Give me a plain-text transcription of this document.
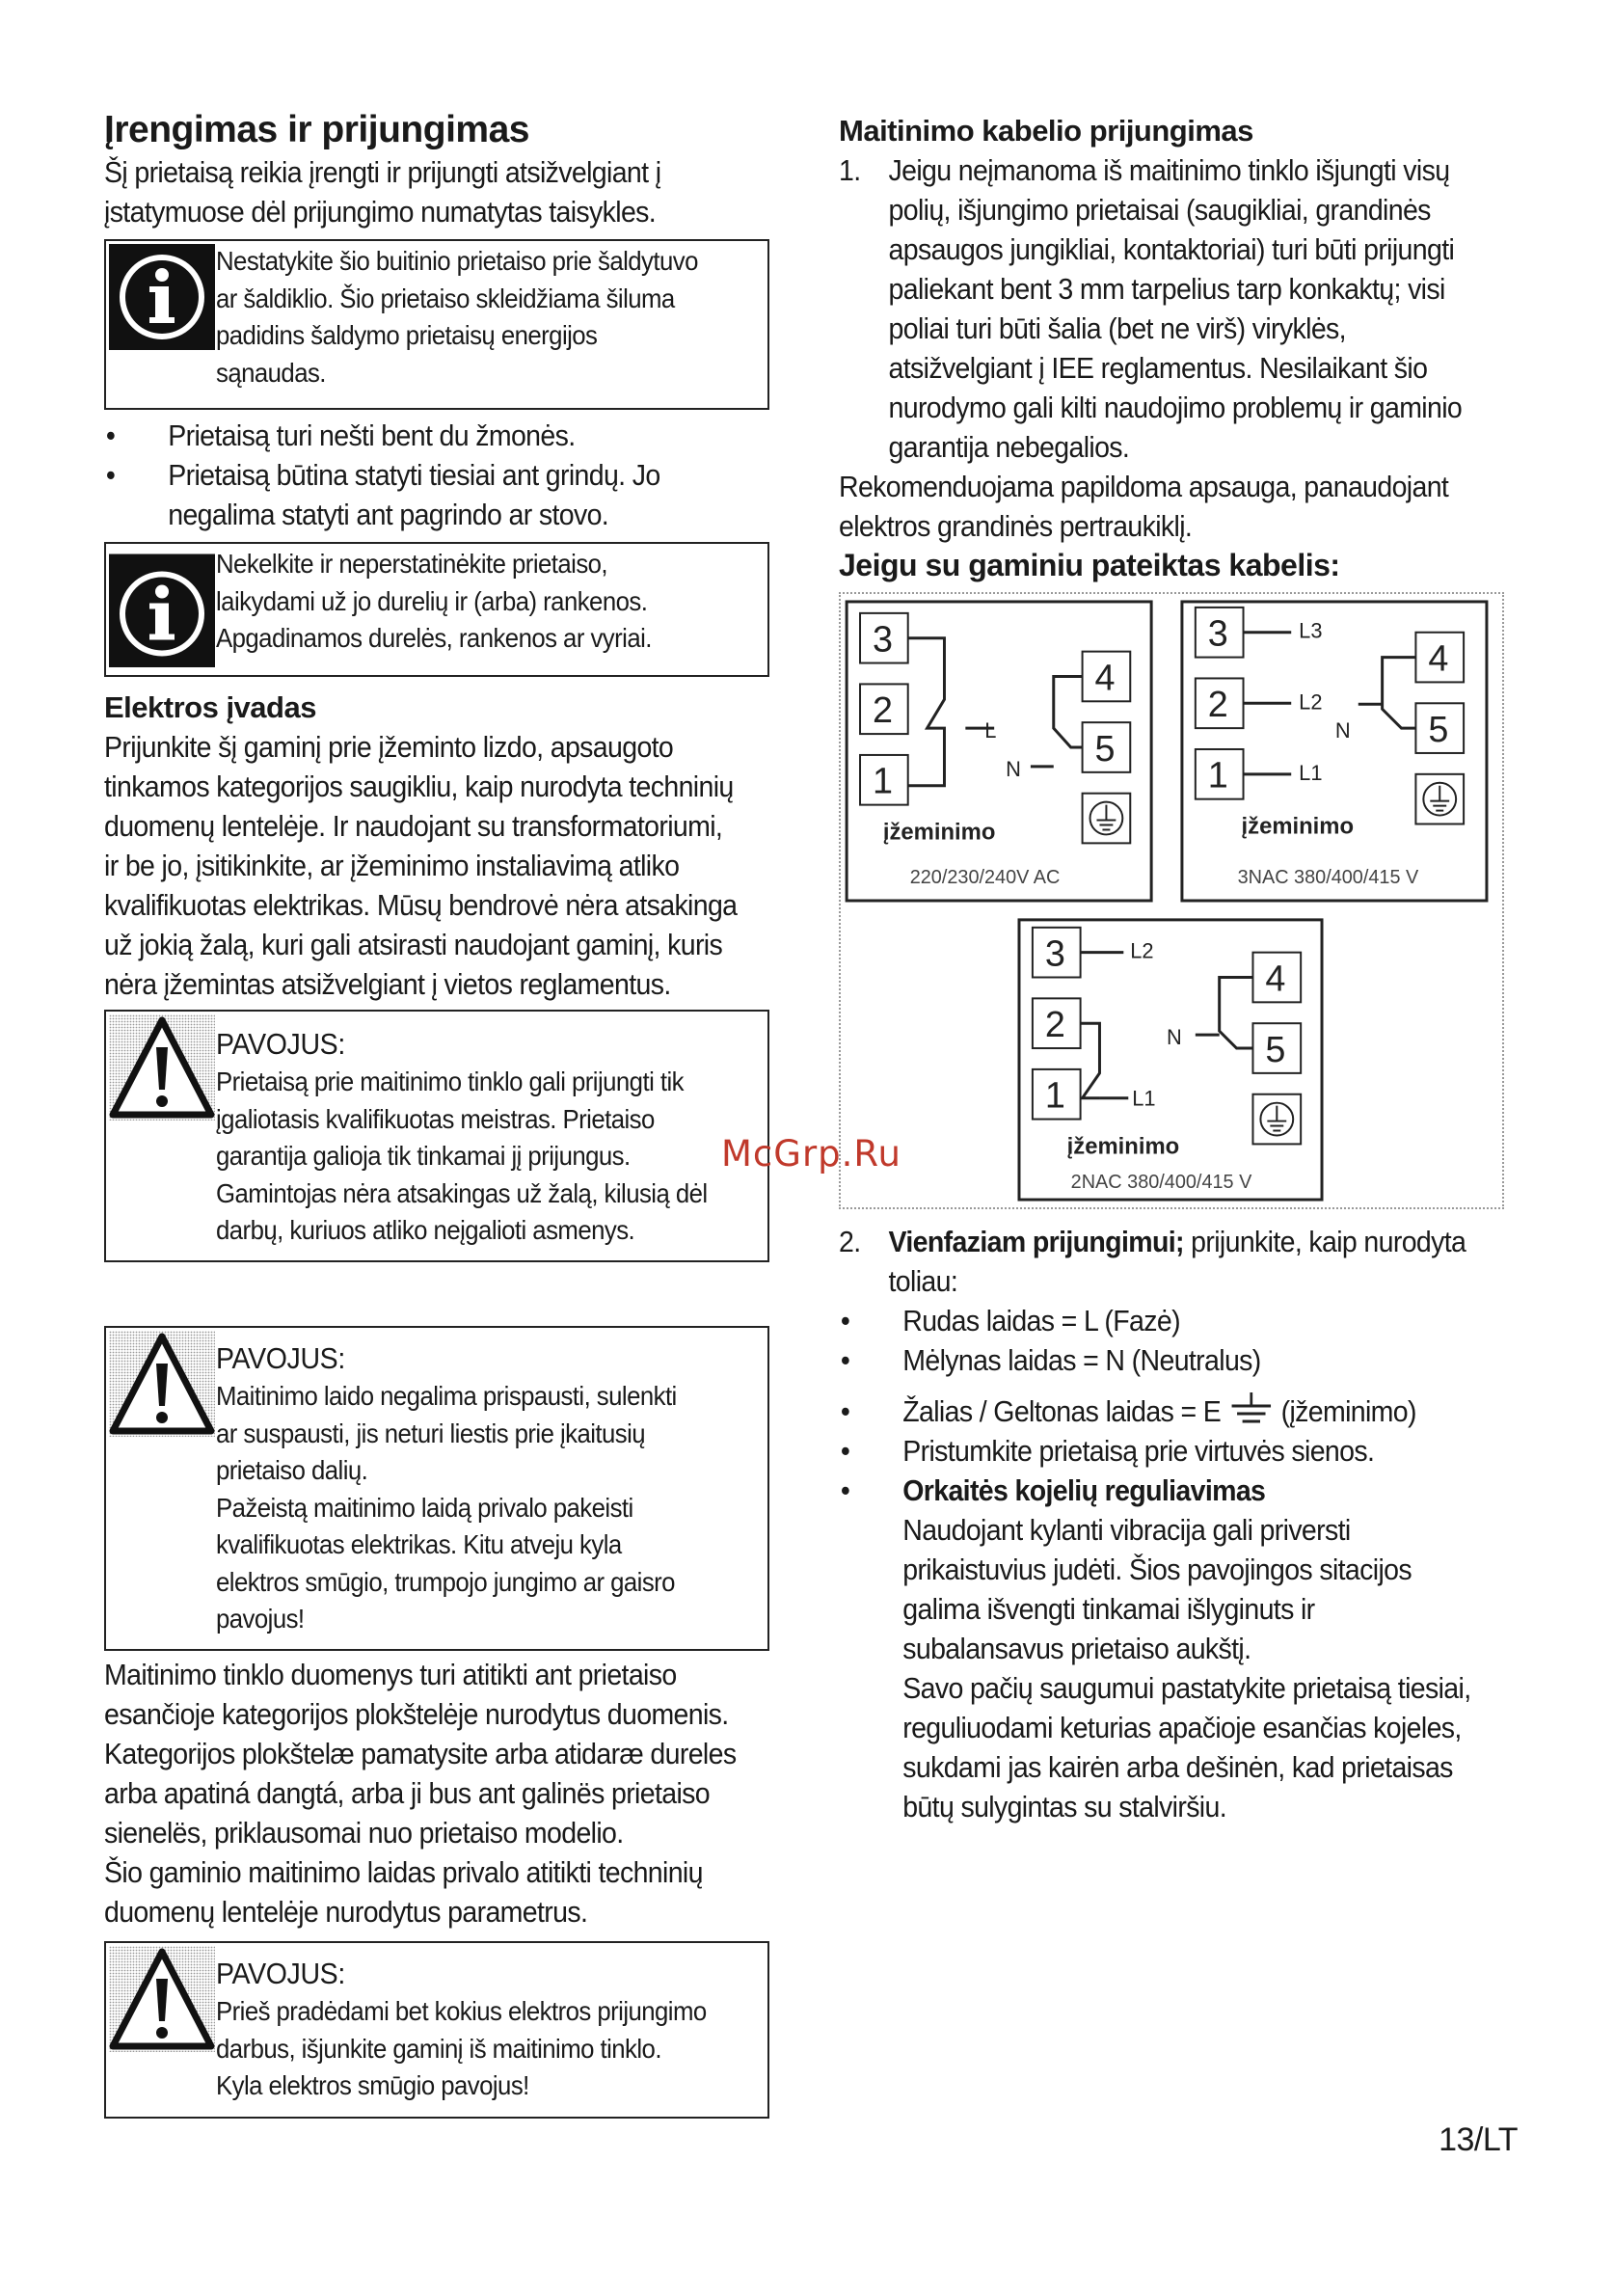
Įrengimas ir prijungimas

Šį prietaisą reikia įrengti ir prijungti atsižvelgiant į

įstatymuose dėl prijungimo numatytas taisykles.

Nestatykite šio buitinio prietaiso prie šaldytuvo

ar šaldiklio. Šio prietaiso skleidžiama šiluma

padidins šaldymo prietaisų energijos

sąnaudas.

• Prietaisą turi nešti bent du žmonės.

• Prietaisą būtina statyti tiesiai ant grindų. Jo

negalima statyti ant pagrindo ar stovo.

Nekelkite ir neperstatinėkite prietaiso,

laikydami už jo durelių ir (arba) rankenos.

Apgadinamos durelės, rankenos ar vyriai.

Elektros įvadas

Prijunkite šį gaminį prie įžeminto lizdo, apsaugoto

tinkamos kategorijos saugikliu, kaip nurodyta techninių

duomenų lentelėje. Ir naudojant su transformatoriumi,

ir be jo, įsitikinkite, ar įžeminimo instaliavimą atliko

kvalifikuotas elektrikas. Mūsų bendrovė nėra atsakinga

už jokią žalą, kuri gali atsirasti naudojant gaminį, kuris

nėra įžemintas atsižvelgiant į vietos reglamentus.

PAVOJUS:

Prietaisą prie maitinimo tinklo gali prijungti tik

įgaliotasis kvalifikuotas meistras. Prietaiso

garantija galioja tik tinkamai jį prijungus.

Gamintojas nėra atsakingas už žalą, kilusią dėl

darbų, kuriuos atliko neįgalioti asmenys.

PAVOJUS:

Maitinimo laido negalima prispausti, sulenkti

ar suspausti, jis neturi liestis prie įkaitusių

prietaiso dalių.

Pažeistą maitinimo laidą privalo pakeisti

kvalifikuotas elektrikas. Kitu atveju kyla

elektros smūgio, trumpojo jungimo ar gaisro

pavojus!

Maitinimo tinklo duomenys turi atitikti ant prietaiso

esančioje kategorijos plokštelėje nurodytus duomenis.

Kategorijos plokštelæ pamatysite arba atidaræ dureles

arba apatiná dangtá, arba ji bus ant galinës prietaiso

sienelës, priklausomai nuo prietaiso modelio.

Šio gaminio maitinimo laidas privalo atitikti techninių

duomenų lentelėje nurodytus parametrus.

PAVOJUS:

Prieš pradėdami bet kokius elektros prijungimo

darbus, išjunkite gaminį iš maitinimo tinklo.

Kyla elektros smūgio pavojus!

Maitinimo kabelio prijungimas

1. Jeigu neįmanoma iš maitinimo tinklo išjungti visų

polių, išjungimo prietaisai (saugikliai, grandinės

apsaugos jungikliai, kontaktoriai) turi būti prijungti

paliekant bent 3 mm tarpelius tarp konkaktų; visi

poliai turi būti šalia (bet ne virš) viryklės,

atsižvelgiant į IEE reglamentus. Nesilaikant šio

nurodymo gali kilti naudojimo problemų ir gaminio

garantija nebegalios.

Rekomenduojama papildoma apsauga, panaudojant

elektros grandinės pertraukiklį.

Jeigu su gaminiu pateiktas kabelis:

3
2
1
4
5
L
N
įžeminimo
220/230/240V AC
3
2
1
4
5
L3
L2
L1
N
įžeminimo
3NAC 380/400/415 V
3
2
1
4
5
L2
N
L1
įžeminimo
2NAC 380/400/415 V
2. Vienfaziam prijungimui; prijunkite, kaip nurodyta

toliau:

• Rudas laidas = L (Fazė)

• Mėlynas laidas = N (Neutralus)

• Žalias / Geltonas laidas = E (įžeminimo)

• Pristumkite prietaisą prie virtuvės sienos.

• Orkaitės kojelių reguliavimas

Naudojant kylanti vibracija gali priversti

prikaistuvius judėti. Šios pavojingos sitacijos

galima išvengti tinkamai išlyginuts ir

subalansavus prietaiso aukštį.

Savo pačių saugumui pastatykite prietaisą tiesiai,

reguliuodami keturias apačioje esančias kojeles,

sukdami jas kairėn arba dešinėn, kad prietaisas

būtų sulygintas su stalviršiu.

McGrp.Ru
13/LT
